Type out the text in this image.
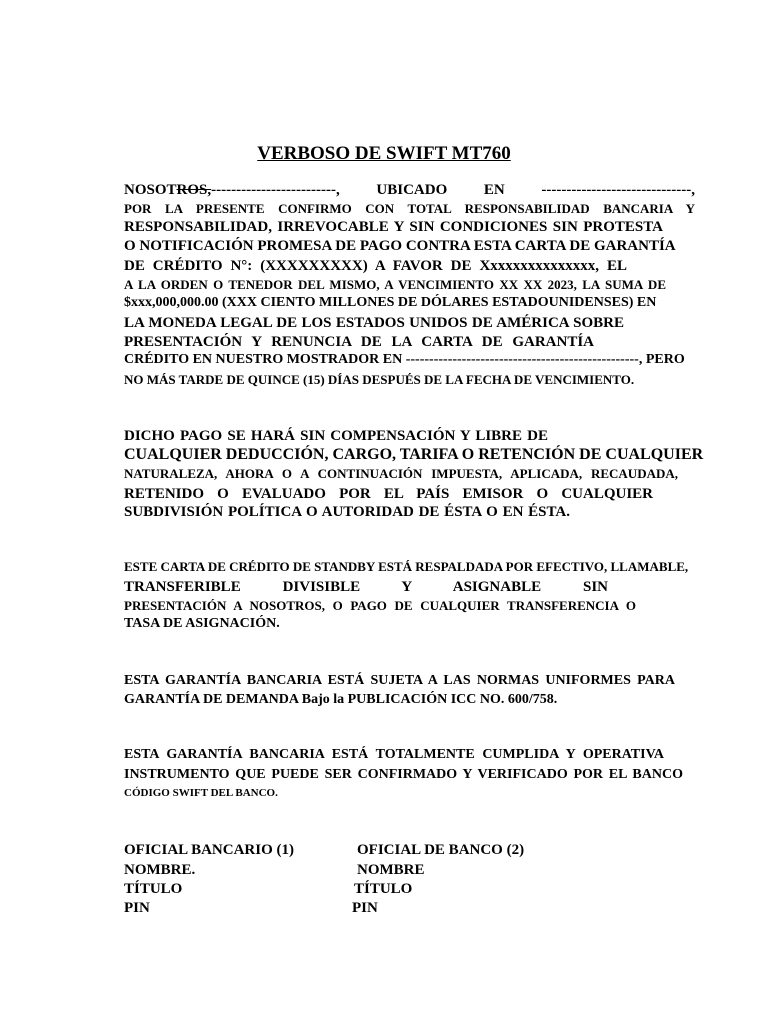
VERBOSO DE SWIFT MT760
NOSOTROS,-------------------------, UBICADO EN ------------------------------,
POR LA PRESENTE CONFIRMO CON TOTAL RESPONSABILIDAD BANCARIA Y
RESPONSABILIDAD, IRREVOCABLE Y SIN CONDICIONES SIN PROTESTA
O NOTIFICACIÓN PROMESA DE PAGO CONTRA ESTA CARTA DE GARANTÍA
DE CRÉDITO N°: (XXXXXXXXX) A FAVOR DE Xxxxxxxxxxxxxxx, EL
A LA ORDEN O TENEDOR DEL MISMO, A VENCIMIENTO XX XX 2023, LA SUMA DE
$xxx,000,000.00 (XXX CIENTO MILLONES DE DÓLARES ESTADOUNIDENSES) EN
LA MONEDA LEGAL DE LOS ESTADOS UNIDOS DE AMÉRICA SOBRE
PRESENTACIÓN Y RENUNCIA DE LA CARTA DE GARANTÍA
CRÉDITO EN NUESTRO MOSTRADOR EN --------------------------------------------------, PERO
NO MÁS TARDE DE QUINCE (15) DÍAS DESPUÉS DE LA FECHA DE VENCIMIENTO.
DICHO PAGO SE HARÁ SIN COMPENSACIÓN Y LIBRE DE
CUALQUIER DEDUCCIÓN, CARGO, TARIFA O RETENCIÓN DE CUALQUIER
NATURALEZA, AHORA O A CONTINUACIÓN IMPUESTA, APLICADA, RECAUDADA,
RETENIDO O EVALUADO POR EL PAÍS EMISOR O CUALQUIER
SUBDIVISIÓN POLÍTICA O AUTORIDAD DE ÉSTA O EN ÉSTA.
ESTE CARTA DE CRÉDITO DE STANDBY ESTÁ RESPALDADA POR EFECTIVO, LLAMABLE,
TRANSFERIBLE DIVISIBLE Y ASIGNABLE SIN
PRESENTACIÓN A NOSOTROS, O PAGO DE CUALQUIER TRANSFERENCIA O
TASA DE ASIGNACIÓN.
ESTA GARANTÍA BANCARIA ESTÁ SUJETA A LAS NORMAS UNIFORMES PARA
GARANTÍA DE DEMANDA Bajo la PUBLICACIÓN ICC NO. 600/758.
ESTA GARANTÍA BANCARIA ESTÁ TOTALMENTE CUMPLIDA Y OPERATIVA
INSTRUMENTO QUE PUEDE SER CONFIRMADO Y VERIFICADO POR EL BANCO
CÓDIGO SWIFT DEL BANCO.
OFICIAL BANCARIO (1)
NOMBRE.
TÍTULO
PIN
OFICIAL DE BANCO (2)
NOMBRE
TÍTULO
PIN
